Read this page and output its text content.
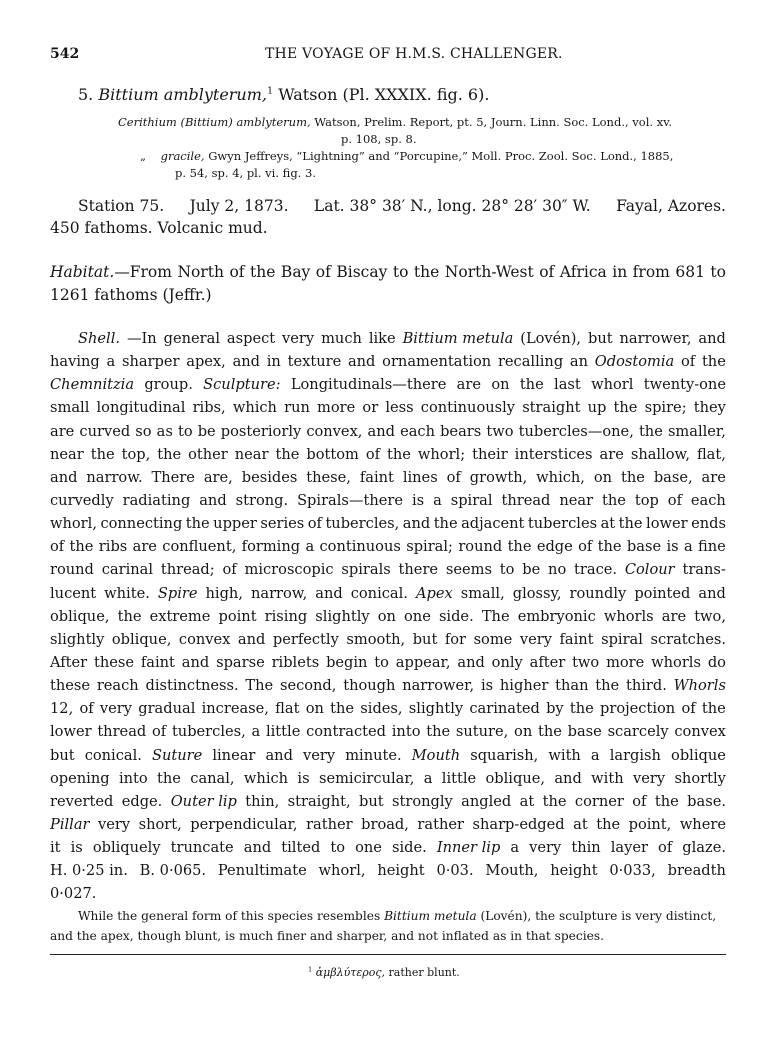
542	THE VOYAGE OF H.M.S. CHALLENGER.
5. Bittium amblyterum,$^1$ Watson (Pl. XXXIX. fig. 6).
Cerithium (Bittium) amblyterum, Watson, Prelim. Report, pt. 5, Journ. Linn. Soc. Lond., vol. xv.
p. 108, sp. 8.
„ gracile, Gwyn Jeffreys, “Lightning” and “Porcupine,” Moll. Proc. Zool. Soc. Lond., 1885,
p. 54, sp. 4, pl. vi. fig. 3.
Station 75. July 2, 1873. Lat. 38° 38′ N., long. 28° 28′ 30″ W. Fayal, Azores.
450 fathoms. Volcanic mud.

Habitat.—From North of the Bay of Biscay to the North-West of Africa in from 681 to 1261 fathoms (Jeffr.)

Shell. —In general aspect very much like Bittium metula (Lovén), but narrower, and
having a sharper apex, and in texture and ornamentation recalling an Odostomia of the
Chemnitzia group. Sculpture: Longitudinals—there are on the last whorl twenty-one
small longitudinal ribs, which run more or less continuously straight up the spire; they
are curved so as to be posteriorly convex, and each bears two tubercles—one, the smaller,
near the top, the other near the bottom of the whorl; their interstices are shallow, flat,
and narrow. There are, besides these, faint lines of growth, which, on the base, are
curvedly radiating and strong. Spirals—there is a spiral thread near the top of each
whorl, connecting the upper series of tubercles, and the adjacent tubercles at the lower ends
of the ribs are confluent, forming a continuous spiral; round the edge of the base is a fine
round carinal thread; of microscopic spirals there seems to be no trace. Colour trans-
lucent white. Spire high, narrow, and conical. Apex small, glossy, roundly pointed and
oblique, the extreme point rising slightly on one side. The embryonic whorls are two,
slightly oblique, convex and perfectly smooth, but for some very faint spiral scratches.
After these faint and sparse riblets begin to appear, and only after two more whorls do
these reach distinctness. The second, though narrower, is higher than the third. Whorls
12, of very gradual increase, flat on the sides, slightly carinated by the projection of the
lower thread of tubercles, a little contracted into the suture, on the base scarcely convex
but conical. Suture linear and very minute. Mouth squarish, with a largish oblique
opening into the canal, which is semicircular, a little oblique, and with very shortly
reverted edge. Outer lip thin, straight, but strongly angled at the corner of the base.
Pillar very short, perpendicular, rather broad, rather sharp-edged at the point, where
it is obliquely truncate and tilted to one side. Inner lip a very thin layer of glaze.
H. 0·25 in. B. 0·065. Penultimate whorl, height 0·03. Mouth, height 0·033, breadth
0·027.
While the general form of this species resembles Bittium metula (Lovén), the sculpture is very distinct, and the apex, though blunt, is much finer and sharper, and not inflated as in that species.
$^1$ ἀμβλύτερος, rather blunt.
